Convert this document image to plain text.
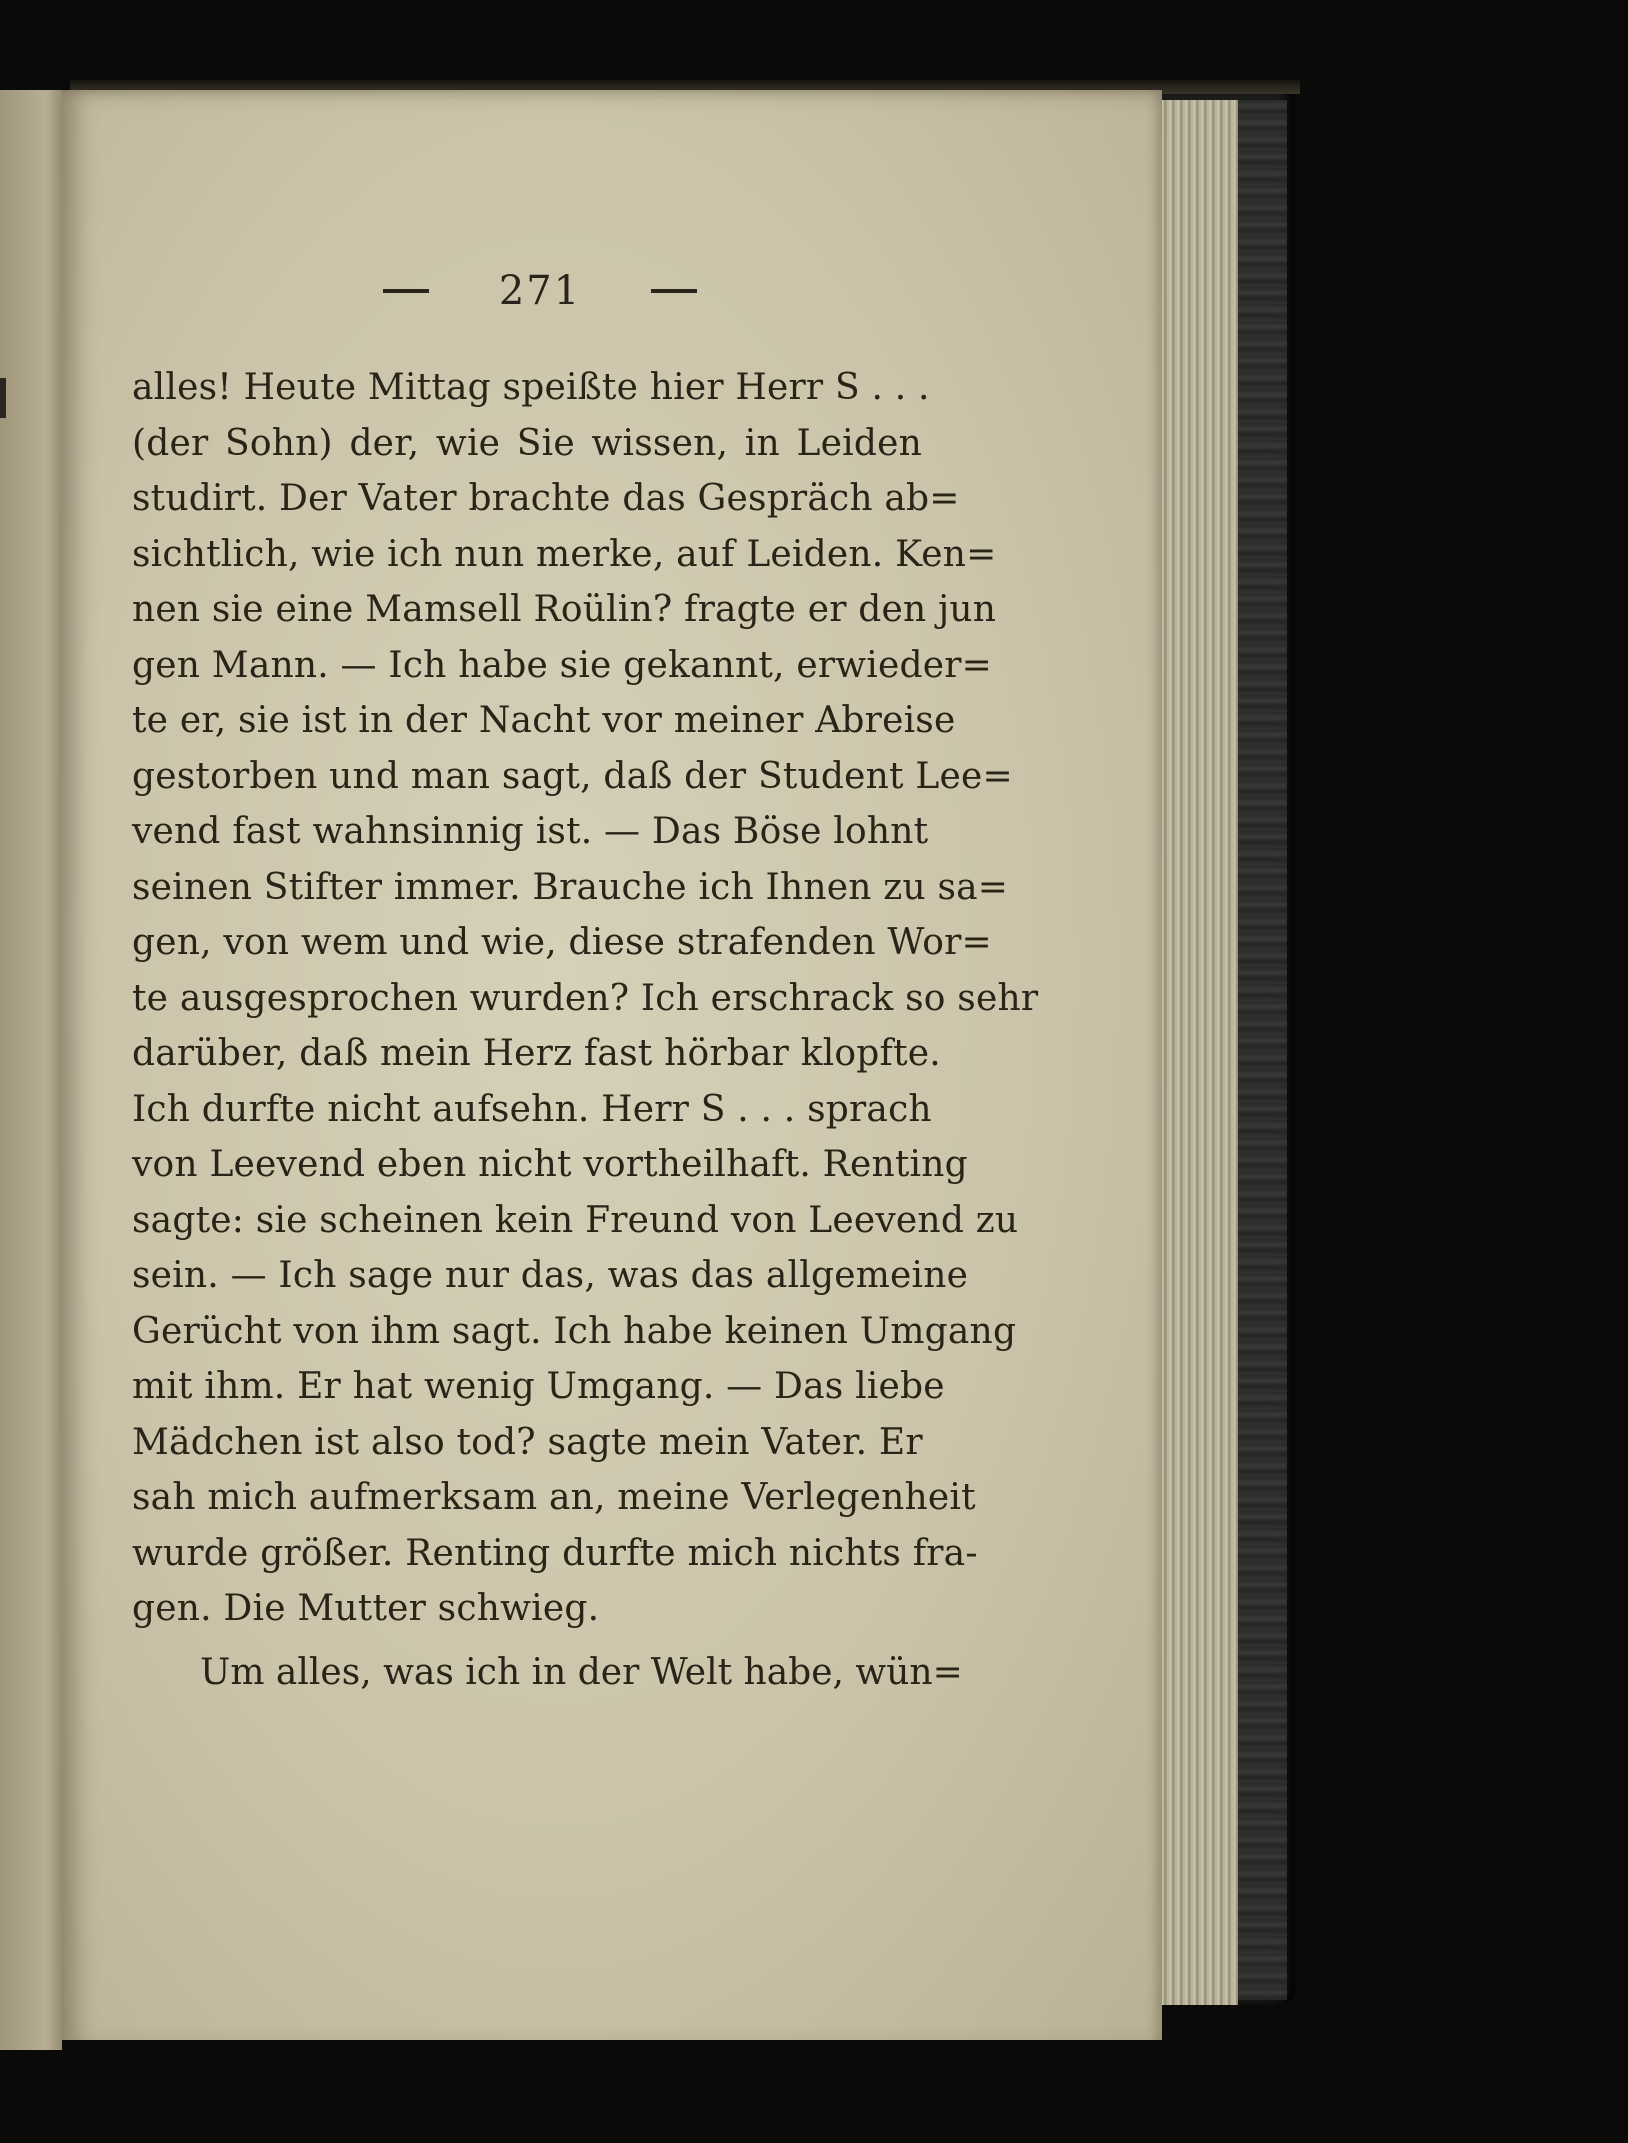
271
alles! Heute Mittag speißte hier Herr S . . .
(der Sohn) der, wie Sie wissen, in Leiden
studirt. Der Vater brachte das Gespräch ab=
sichtlich, wie ich nun merke, auf Leiden. Ken=
nen sie eine Mamsell Roülin? fragte er den jun
gen Mann. — Ich habe sie gekannt, erwieder=
te er, sie ist in der Nacht vor meiner Abreise
gestorben und man sagt, daß der Student Lee=
vend fast wahnsinnig ist. — Das Böse lohnt
seinen Stifter immer. Brauche ich Ihnen zu sa=
gen, von wem und wie, diese strafenden Wor=
te ausgesprochen wurden? Ich erschrack so sehr
darüber, daß mein Herz fast hörbar klopfte.
Ich durfte nicht aufsehn. Herr S . . . sprach
von Leevend eben nicht vortheilhaft. Renting
sagte: sie scheinen kein Freund von Leevend zu
sein. — Ich sage nur das, was das allgemeine
Gerücht von ihm sagt. Ich habe keinen Umgang
mit ihm. Er hat wenig Umgang. — Das liebe
Mädchen ist also tod? sagte mein Vater. Er
sah mich aufmerksam an, meine Verlegenheit
wurde größer. Renting durfte mich nichts fra-
gen. Die Mutter schwieg.
Um alles, was ich in der Welt habe, wün=
